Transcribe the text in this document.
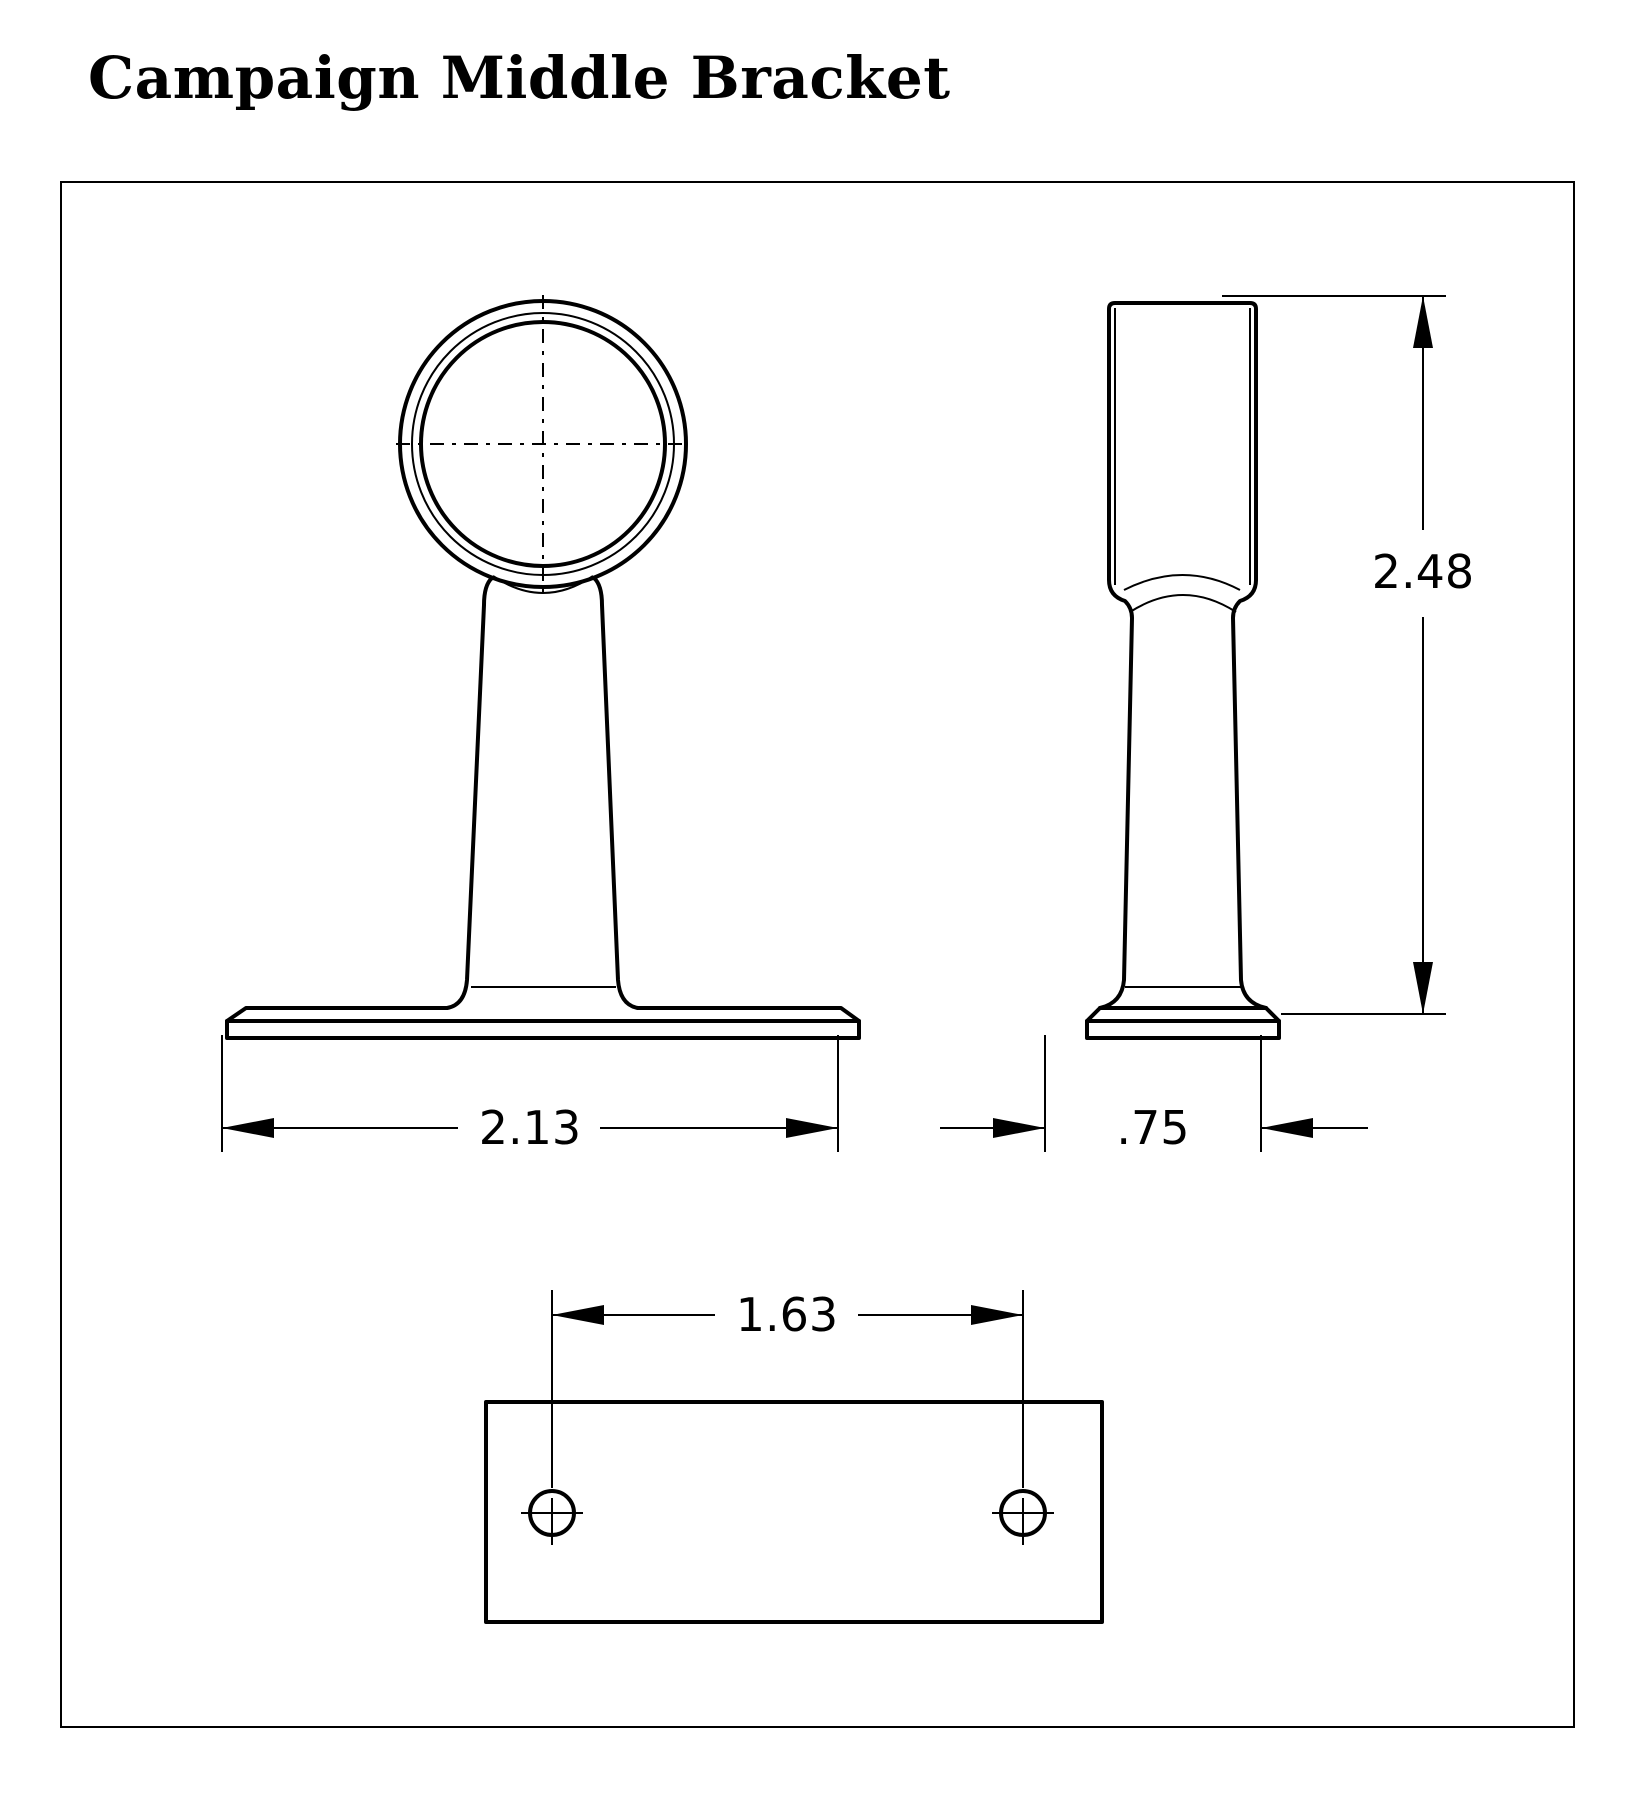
Campaign Middle Bracket
2.13	.75
2.48
1.63
